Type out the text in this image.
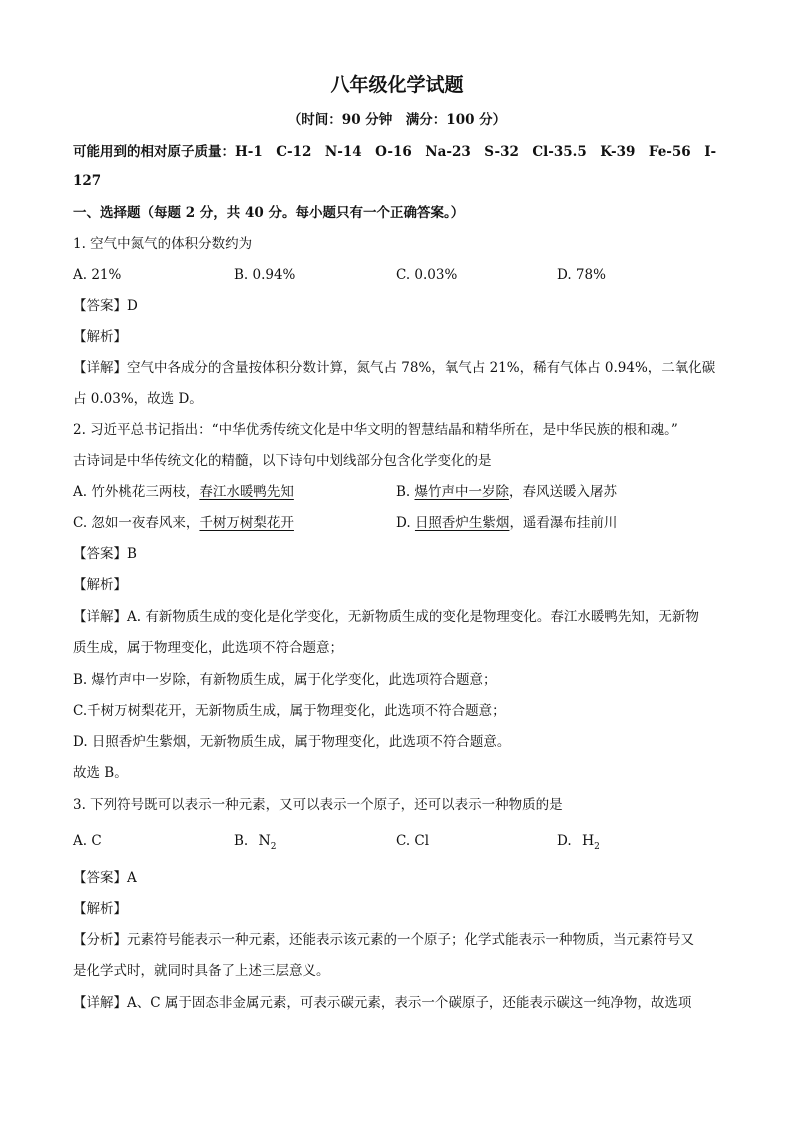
八年级化学试题
（时间：90 分钟　满分：100 分）
可能用到的相对原子质量：H-1　C-12　N-14　O-16　Na-23　S-32　Cl-35.5　K-39　Fe-56　I-
127
一、选择题（每题 2 分，共 40 分。每小题只有一个正确答案。）
1. 空气中氮气的体积分数约为
A. 21%	B. 0.94%	C. 0.03%	D. 78%
【答案】D
【解析】
【详解】空气中各成分的含量按体积分数计算，氮气占 78%，氧气占 21%，稀有气体占 0.94%，二氧化碳
占 0.03%，故选 D。
2. 习近平总书记指出：“中华优秀传统文化是中华文明的智慧结晶和精华所在，是中华民族的根和魂。”
古诗词是中华传统文化的精髓，以下诗句中划线部分包含化学变化的是
A. 竹外桃花三两枝，春江水暖鸭先知	B. 爆竹声中一岁除，春风送暖入屠苏
C. 忽如一夜春风来，千树万树梨花开	D. 日照香炉生紫烟，遥看瀑布挂前川
【答案】B
【解析】
【详解】A. 有新物质生成的变化是化学变化，无新物质生成的变化是物理变化。春江水暖鸭先知，无新物
质生成，属于物理变化，此选项不符合题意；
B. 爆竹声中一岁除，有新物质生成，属于化学变化，此选项符合题意；
C.千树万树梨花开，无新物质生成，属于物理变化，此选项不符合题意；
D. 日照香炉生紫烟，无新物质生成，属于物理变化，此选项不符合题意。
故选 B。
3. 下列符号既可以表示一种元素，又可以表示一个原子，还可以表示一种物质的是
A. C	B. $N_2$	C. Cl	D. $H_2$
【答案】A
【解析】
【分析】元素符号能表示一种元素，还能表示该元素的一个原子；化学式能表示一种物质，当元素符号又
是化学式时，就同时具备了上述三层意义。
【详解】A、C 属于固态非金属元素，可表示碳元素，表示一个碳原子，还能表示碳这一纯净物，故选项
